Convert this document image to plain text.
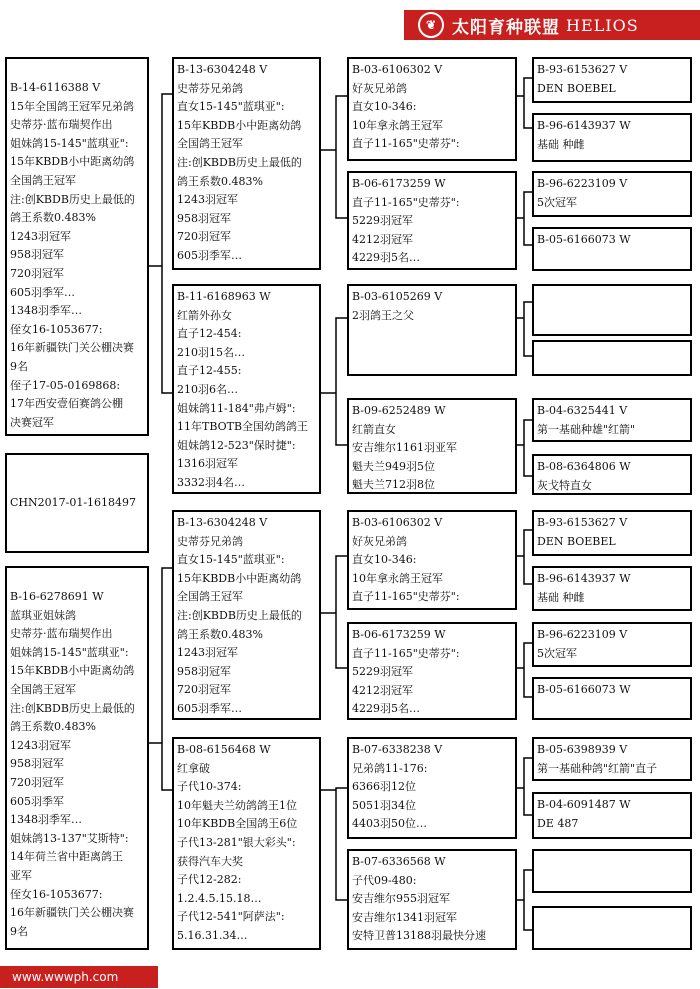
❦ 太阳育种联盟 HELIOS
B-14-6116388 V
15年全国鸽王冠军兄弟鸽
史蒂芬·蓝布瑞契作出
姐妹鸽15-145"蓝琪亚":
15年KBDB小中距离幼鸽
全国鸽王冠军
注:创KBDB历史上最低的
鸽王系数0.483%
1243羽冠军
958羽冠军
720羽冠军
605羽季军…
1348羽季军…
侄女16-1053677:
16年新疆铁门关公棚决赛
9名
侄子17-05-0169868:
17年西安壹佰赛鸽公棚
决赛冠军
CHN2017-01-1618497
B-16-6278691 W
蓝琪亚姐妹鸽
史蒂芬·蓝布瑞契作出
姐妹鸽15-145"蓝琪亚":
15年KBDB小中距离幼鸽
全国鸽王冠军
注:创KBDB历史上最低的
鸽王系数0.483%
1243羽冠军
958羽冠军
720羽冠军
605羽季军
1348羽季军…
姐妹鸽13-137"艾斯特":
14年荷兰省中距离鸽王
亚军
侄女16-1053677:
16年新疆铁门关公棚决赛
9名
B-13-6304248 V
史蒂芬兄弟鸽
直女15-145"蓝琪亚":
15年KBDB小中距离幼鸽
全国鸽王冠军
注:创KBDB历史上最低的
鸽王系数0.483%
1243羽冠军
958羽冠军
720羽冠军
605羽季军…
B-11-6168963 W
红箭外孙女
直子12-454:
210羽15名…
直子12-455:
210羽6名…
姐妹鸽11-184"弗卢姆":
11年TBOTB全国幼鸽鸽王
姐妹鸽12-523"保时捷":
1316羽冠军
3332羽4名…
B-13-6304248 V
史蒂芬兄弟鸽
直女15-145"蓝琪亚":
15年KBDB小中距离幼鸽
全国鸽王冠军
注:创KBDB历史上最低的
鸽王系数0.483%
1243羽冠军
958羽冠军
720羽冠军
605羽季军…
B-08-6156468 W
红拿破
子代10-374:
10年魁夫兰幼鸽鸽王1位
10年KBDB全国鸽王6位
子代13-281"银大彩头":
获得汽车大奖
子代12-282:
1.2.4.5.15.18…
子代12-541"阿萨法":
5.16.31.34…
B-03-6106302 V
好灰兄弟鸽
直女10-346:
10年拿永鸽王冠军
直子11-165"史蒂芬":
B-06-6173259 W
直子11-165"史蒂芬":
5229羽冠军
4212羽冠军
4229羽5名…
B-03-6105269 V
2羽鸽王之父
B-09-6252489 W
红箭直女
安吉维尔1161羽亚军
魁夫兰949羽5位
魁夫兰712羽8位
B-03-6106302 V
好灰兄弟鸽
直女10-346:
10年拿永鸽王冠军
直子11-165"史蒂芬":
B-06-6173259 W
直子11-165"史蒂芬":
5229羽冠军
4212羽冠军
4229羽5名…
B-07-6338238 V
兄弟鸽11-176:
6366羽12位
5051羽34位
4403羽50位…
B-07-6336568 W
子代09-480:
安吉维尔955羽冠军
安吉维尔1341羽冠军
安特卫普13188羽最快分速
B-93-6153627 V
DEN BOEBEL
B-96-6143937 W
基础 种雌
B-96-6223109 V
5次冠军
B-05-6166073 W
B-04-6325441 V
第一基础种雄"红箭"
B-08-6364806 W
灰戈特直女
B-93-6153627 V
DEN BOEBEL
B-96-6143937 W
基础 种雌
B-96-6223109 V
5次冠军
B-05-6166073 W
B-05-6398939 V
第一基础种鸽"红箭"直子
B-04-6091487 W
DE 487
www.wwwph.com
